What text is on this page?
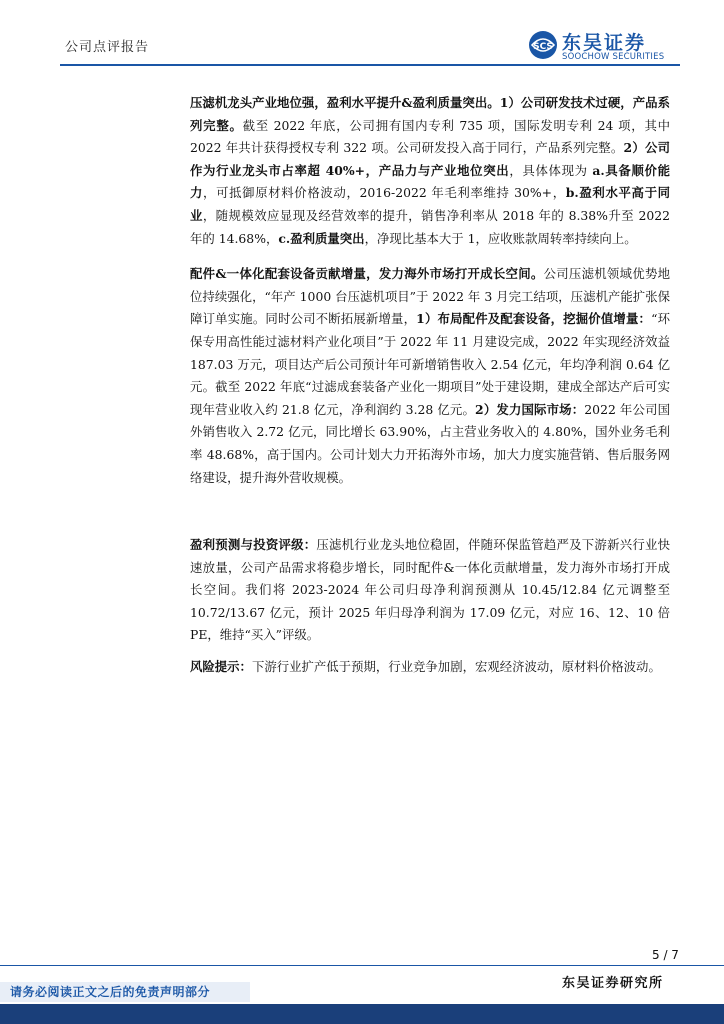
公司点评报告	SCS 东吴证券
SOOCHOW SECURITIES

压滤机龙头产业地位强，盈利水平提升&盈利质量突出。1）公司研发技术过硬，产品系列完整。截至 2022 年底，公司拥有国内专利 735 项，国际发明专利 24 项，其中 2022 年共计获得授权专利 322 项。公司研发投入高于同行，产品系列完整。2）公司作为行业龙头市占率超 40%+，产品力与产业地位突出，具体体现为 a.具备顺价能力，可抵御原材料价格波动，2016-2022 年毛利率维持 30%+，b.盈利水平高于同业，随规模效应显现及经营效率的提升，销售净利率从 2018 年的 8.38%升至 2022 年的 14.68%，c.盈利质量突出，净现比基本大于 1，应收账款周转率持续向上。

配件&一体化配套设备贡献增量，发力海外市场打开成长空间。公司压滤机领域优势地位持续强化，“年产 1000 台压滤机项目”于 2022 年 3 月完工结项，压滤机产能扩张保障订单实施。同时公司不断拓展新增量，1）布局配件及配套设备，挖掘价值增量：“环保专用高性能过滤材料产业化项目”于 2022 年 11 月建设完成，2022 年实现经济效益 187.03 万元，项目达产后公司预计年可新增销售收入 2.54 亿元，年均净利润 0.64 亿元。截至 2022 年底“过滤成套装备产业化一期项目”处于建设期，建成全部达产后可实现年营业收入约 21.8 亿元，净利润约 3.28 亿元。2）发力国际市场：2022 年公司国外销售收入 2.72 亿元，同比增长 63.90%，占主营业务收入的 4.80%，国外业务毛利率 48.68%，高于国内。公司计划大力开拓海外市场，加大力度实施营销、售后服务网络建设，提升海外营收规模。

盈利预测与投资评级：压滤机行业龙头地位稳固，伴随环保监管趋严及下游新兴行业快速放量，公司产品需求将稳步增长，同时配件&一体化贡献增量，发力海外市场打开成长空间。我们将 2023-2024 年公司归母净利润预测从 10.45/12.84 亿元调整至 10.72/13.67 亿元，预计 2025 年归母净利润为 17.09 亿元，对应 16、12、10 倍 PE，维持“买入”评级。

风险提示：下游行业扩产低于预期，行业竞争加剧，宏观经济波动，原材料价格波动。

5 / 7
请务必阅读正文之后的免责声明部分
东吴证券研究所
